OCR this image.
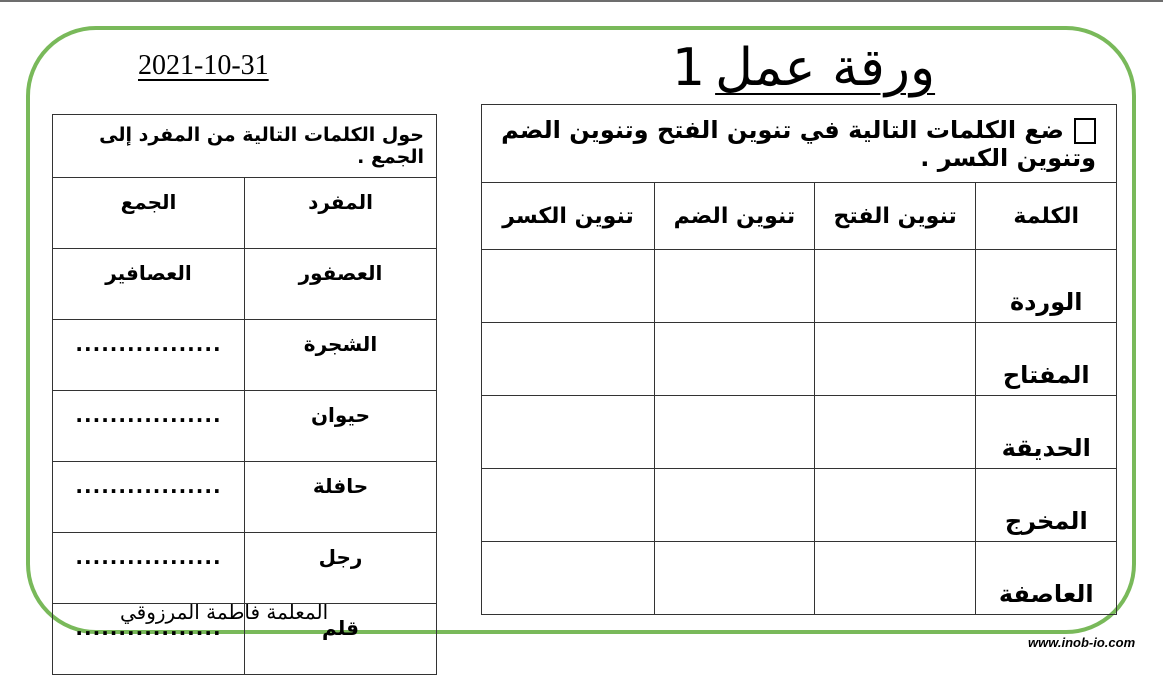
2021-10-31	1 ورقة عمل
حول الكلمات التالية من المفرد إلى الجمع .	
الجمع	المفرد
العصافير	العصفور
.................	الشجرة
.................	حيوان
.................	حافلة
.................	رجل
.................	قلم
ضع الكلمات التالية في تنوين الفتح وتنوين الضم وتنوين الكسر .			
الكلمة	تنوين الفتح	تنوين الضم	تنوين الكسر
الوردة			
المفتاح			
الحديقة			
المخرج			
العاصفة			
المعلمة فاطمة المرزوقي
www.inob-io.com
